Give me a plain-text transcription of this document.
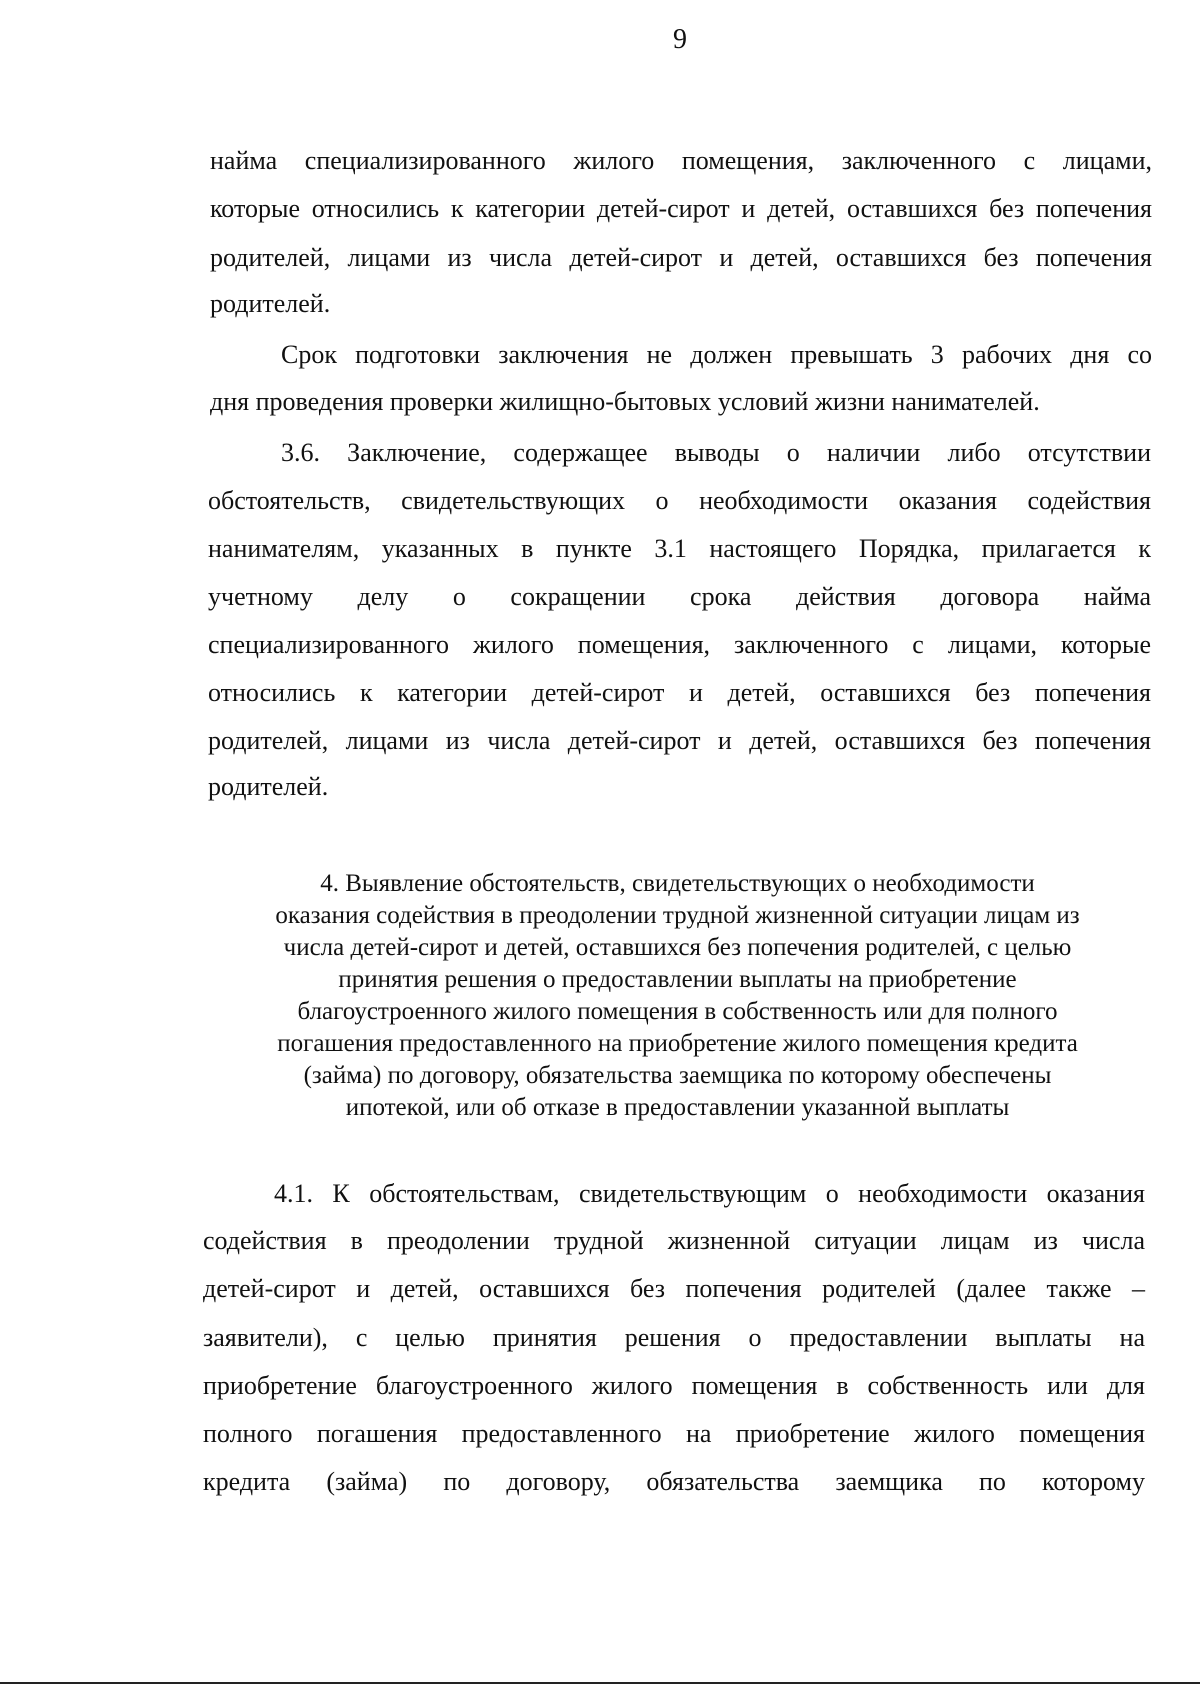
9
найма специализированного жилого помещения, заключенного с лицами,
которые относились к категории детей-сирот и детей, оставшихся без попечения
родителей, лицами из числа детей-сирот и детей, оставшихся без попечения
родителей.
Срок подготовки заключения не должен превышать 3 рабочих дня со
дня проведения проверки жилищно-бытовых условий жизни нанимателей.
3.6. Заключение, содержащее выводы о наличии либо отсутствии
обстоятельств, свидетельствующих о необходимости оказания содействия
нанимателям, указанных в пункте 3.1 настоящего Порядка, прилагается к
учетному делу о сокращении срока действия договора найма
специализированного жилого помещения, заключенного с лицами, которые
относились к категории детей-сирот и детей, оставшихся без попечения
родителей, лицами из числа детей-сирот и детей, оставшихся без попечения
родителей.
4. Выявление обстоятельств, свидетельствующих о необходимости
оказания содействия в преодолении трудной жизненной ситуации лицам из
числа детей-сирот и детей, оставшихся без попечения родителей, с целью
принятия решения о предоставлении выплаты на приобретение
благоустроенного жилого помещения в собственность или для полного
погашения предоставленного на приобретение жилого помещения кредита
(займа) по договору, обязательства заемщика по которому обеспечены
ипотекой, или об отказе в предоставлении указанной выплаты
4.1. К обстоятельствам, свидетельствующим о необходимости оказания
содействия в преодолении трудной жизненной ситуации лицам из числа
детей-сирот и детей, оставшихся без попечения родителей (далее также –
заявители), с целью принятия решения о предоставлении выплаты на
приобретение благоустроенного жилого помещения в собственность или для
полного погашения предоставленного на приобретение жилого помещения
кредита (займа) по договору, обязательства заемщика по которому
